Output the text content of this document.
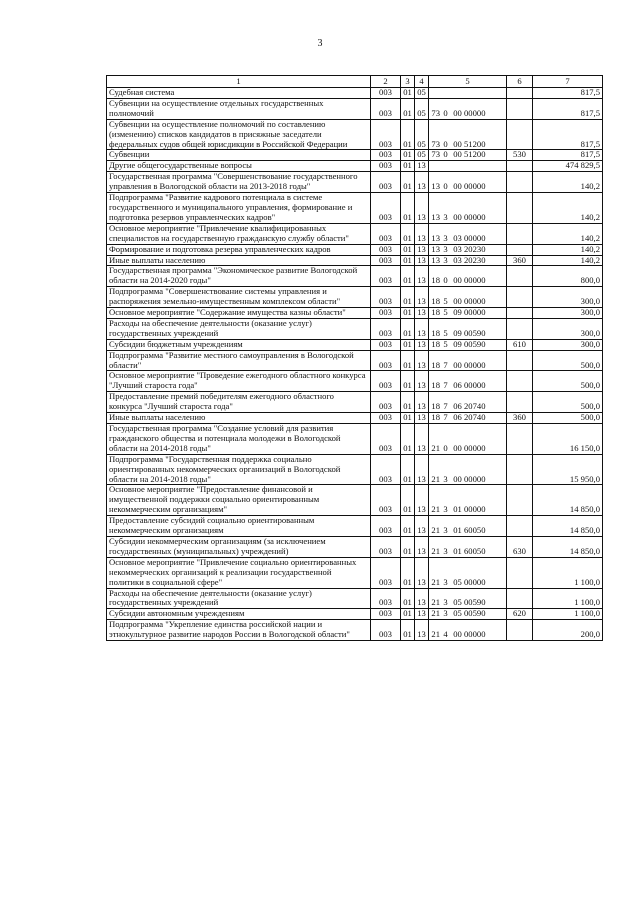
3
1	2	3	4	5	6	7
Судебная система	003	01	05			817,5
Субвенции на осуществление отдельных государственных полномочий	003	01	05	73 0 00 00000		817,5
Субвенции на осуществление полномочий по составлению (изменению) списков кандидатов в присяжные заседатели федеральных судов общей юрисдикции в Российской Федерации	003	01	05	73 0 00 51200		817,5
Субвенции	003	01	05	73 0 00 51200	530	817,5
Другие общегосударственные вопросы	003	01	13			474 829,5
Государственная программа "Совершенствование государственного управления в Вологодской области на 2013-2018 годы"	003	01	13	13 0 00 00000		140,2
Подпрограмма "Развитие кадрового потенциала в системе государственного и муниципального управления, формирование и подготовка резервов управленческих кадров"	003	01	13	13 3 00 00000		140,2
Основное мероприятие "Привлечение квалифицированных специалистов на государственную гражданскую службу области"	003	01	13	13 3 03 00000		140,2
Формирование и подготовка резерва управленческих кадров	003	01	13	13 3 03 20230		140,2
Иные выплаты населению	003	01	13	13 3 03 20230	360	140,2
Государственная программа "Экономическое развитие Вологодской области на 2014-2020 годы"	003	01	13	18 0 00 00000		800,0
Подпрограмма "Совершенствование системы управления и распоряжения земельно-имущественным комплексом области"	003	01	13	18 5 00 00000		300,0
Основное мероприятие "Содержание имущества казны области"	003	01	13	18 5 09 00000		300,0
Расходы на обеспечение деятельности (оказание услуг) государственных учреждений	003	01	13	18 5 09 00590		300,0
Субсидии бюджетным учреждениям	003	01	13	18 5 09 00590	610	300,0
Подпрограмма "Развитие местного самоуправления в Вологодской области"	003	01	13	18 7 00 00000		500,0
Основное мероприятие "Проведение ежегодного областного конкурса "Лучший староста года"	003	01	13	18 7 06 00000		500,0
Предоставление премий победителям ежегодного областного конкурса "Лучший староста года"	003	01	13	18 7 06 20740		500,0
Иные выплаты населению	003	01	13	18 7 06 20740	360	500,0
Государственная программа "Создание условий для развития гражданского общества и потенциала молодежи в Вологодской области на 2014-2018 годы"	003	01	13	21 0 00 00000		16 150,0
Подпрограмма "Государственная поддержка социально ориентированных некоммерческих организаций в Вологодской области на 2014-2018 годы"	003	01	13	21 3 00 00000		15 950,0
Основное мероприятие "Предоставление финансовой и имущественной поддержки социально ориентированным некоммерческим организациям"	003	01	13	21 3 01 00000		14 850,0
Предоставление субсидий социально ориентированным некоммерческим организациям	003	01	13	21 3 01 60050		14 850,0
Субсидии некоммерческим организациям (за исключением государственных (муниципальных) учреждений)	003	01	13	21 3 01 60050	630	14 850,0
Основное мероприятие "Привлечение социально ориентированных некоммерческих организаций к реализации государственной политики в социальной сфере"	003	01	13	21 3 05 00000		1 100,0
Расходы на обеспечение деятельности (оказание услуг) государственных учреждений	003	01	13	21 3 05 00590		1 100,0
Субсидии автономным учреждениям	003	01	13	21 3 05 00590	620	1 100,0
Подпрограмма "Укрепление единства российской нации и этнокультурное развитие народов России в Вологодской области"	003	01	13	21 4 00 00000		200,0
